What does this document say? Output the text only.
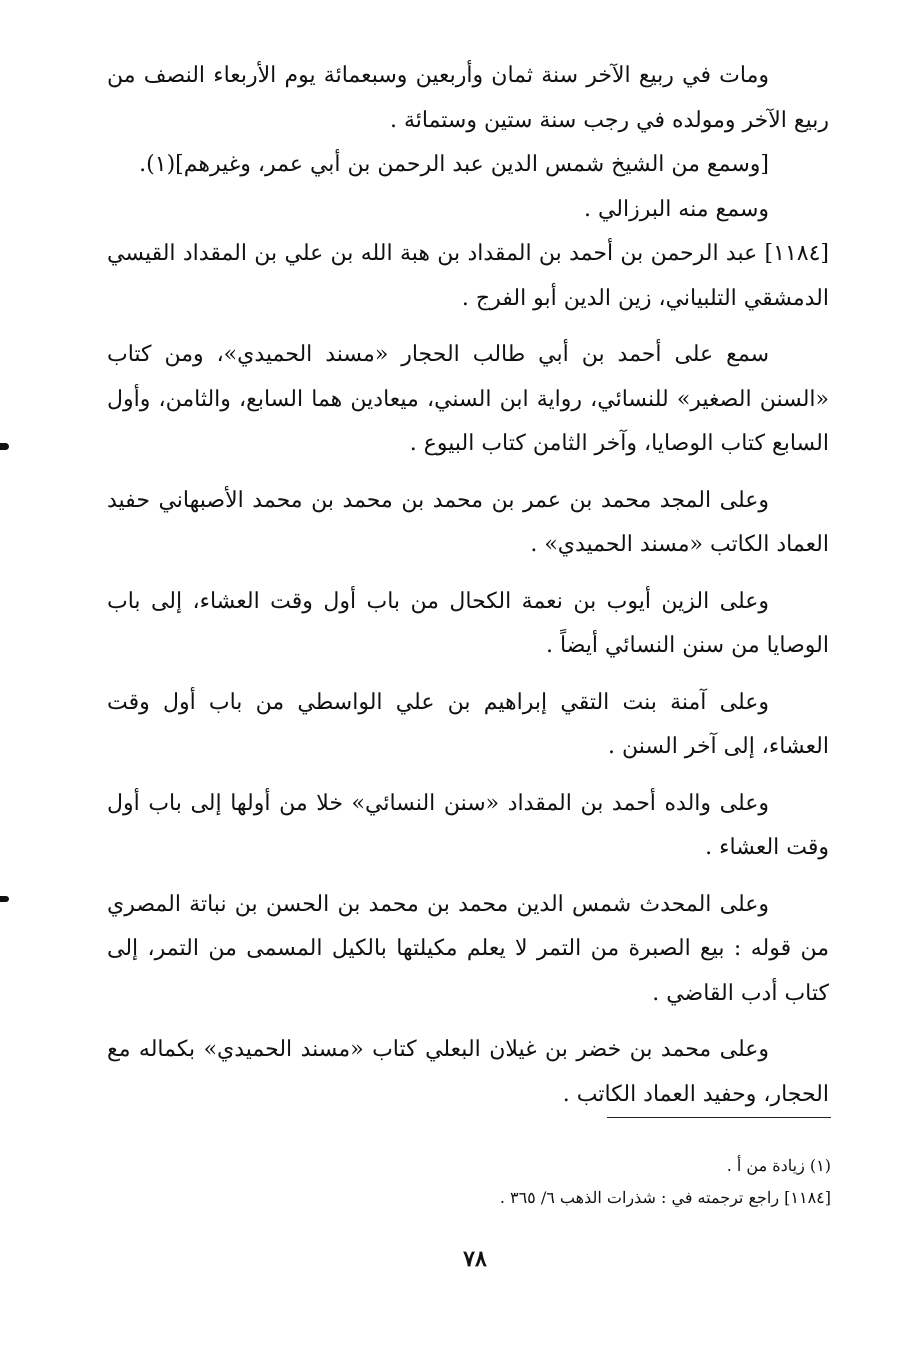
ومات في ربيع الآخر سنة ثمان وأربعين وسبعمائة يوم الأربعاء النصف من ربيع الآخر ومولده في رجب سنة ستين وستمائة .

[وسمع من الشيخ شمس الدين عبد الرحمن بن أبي عمر، وغيرهم](١).

وسمع منه البرزالي .

[١١٨٤] عبد الرحمن بن أحمد بن المقداد بن هبة الله بن علي بن المقداد القيسي الدمشقي التلبياني، زين الدين أبو الفرج .

سمع على أحمد بن أبي طالب الحجار «مسند الحميدي»، ومن كتاب «السنن الصغير» للنسائي، رواية ابن السني، ميعادين هما السابع، والثامن، وأول السابع كتاب الوصايا، وآخر الثامن كتاب البيوع .

وعلى المجد محمد بن عمر بن محمد بن محمد بن محمد الأصبهاني حفيد العماد الكاتب «مسند الحميدي» .

وعلى الزين أيوب بن نعمة الكحال من باب أول وقت العشاء، إلى باب الوصايا من سنن النسائي أيضاً .

وعلى آمنة بنت التقي إبراهيم بن علي الواسطي من باب أول وقت العشاء، إلى آخر السنن .

وعلى والده أحمد بن المقداد «سنن النسائي» خلا من أولها إلى باب أول وقت العشاء .

وعلى المحدث شمس الدين محمد بن محمد بن الحسن بن نباتة المصري من قوله : بيع الصبرة من التمر لا يعلم مكيلتها بالكيل المسمى من التمر، إلى كتاب أدب القاضي .

وعلى محمد بن خضر بن غيلان البعلي كتاب «مسند الحميدي» بكماله مع الحجار، وحفيد العماد الكاتب .

(١) زيادة من أ .
[١١٨٤] راجع ترجمته في : شذرات الذهب ٦/ ٣٦٥ .
٧٨
